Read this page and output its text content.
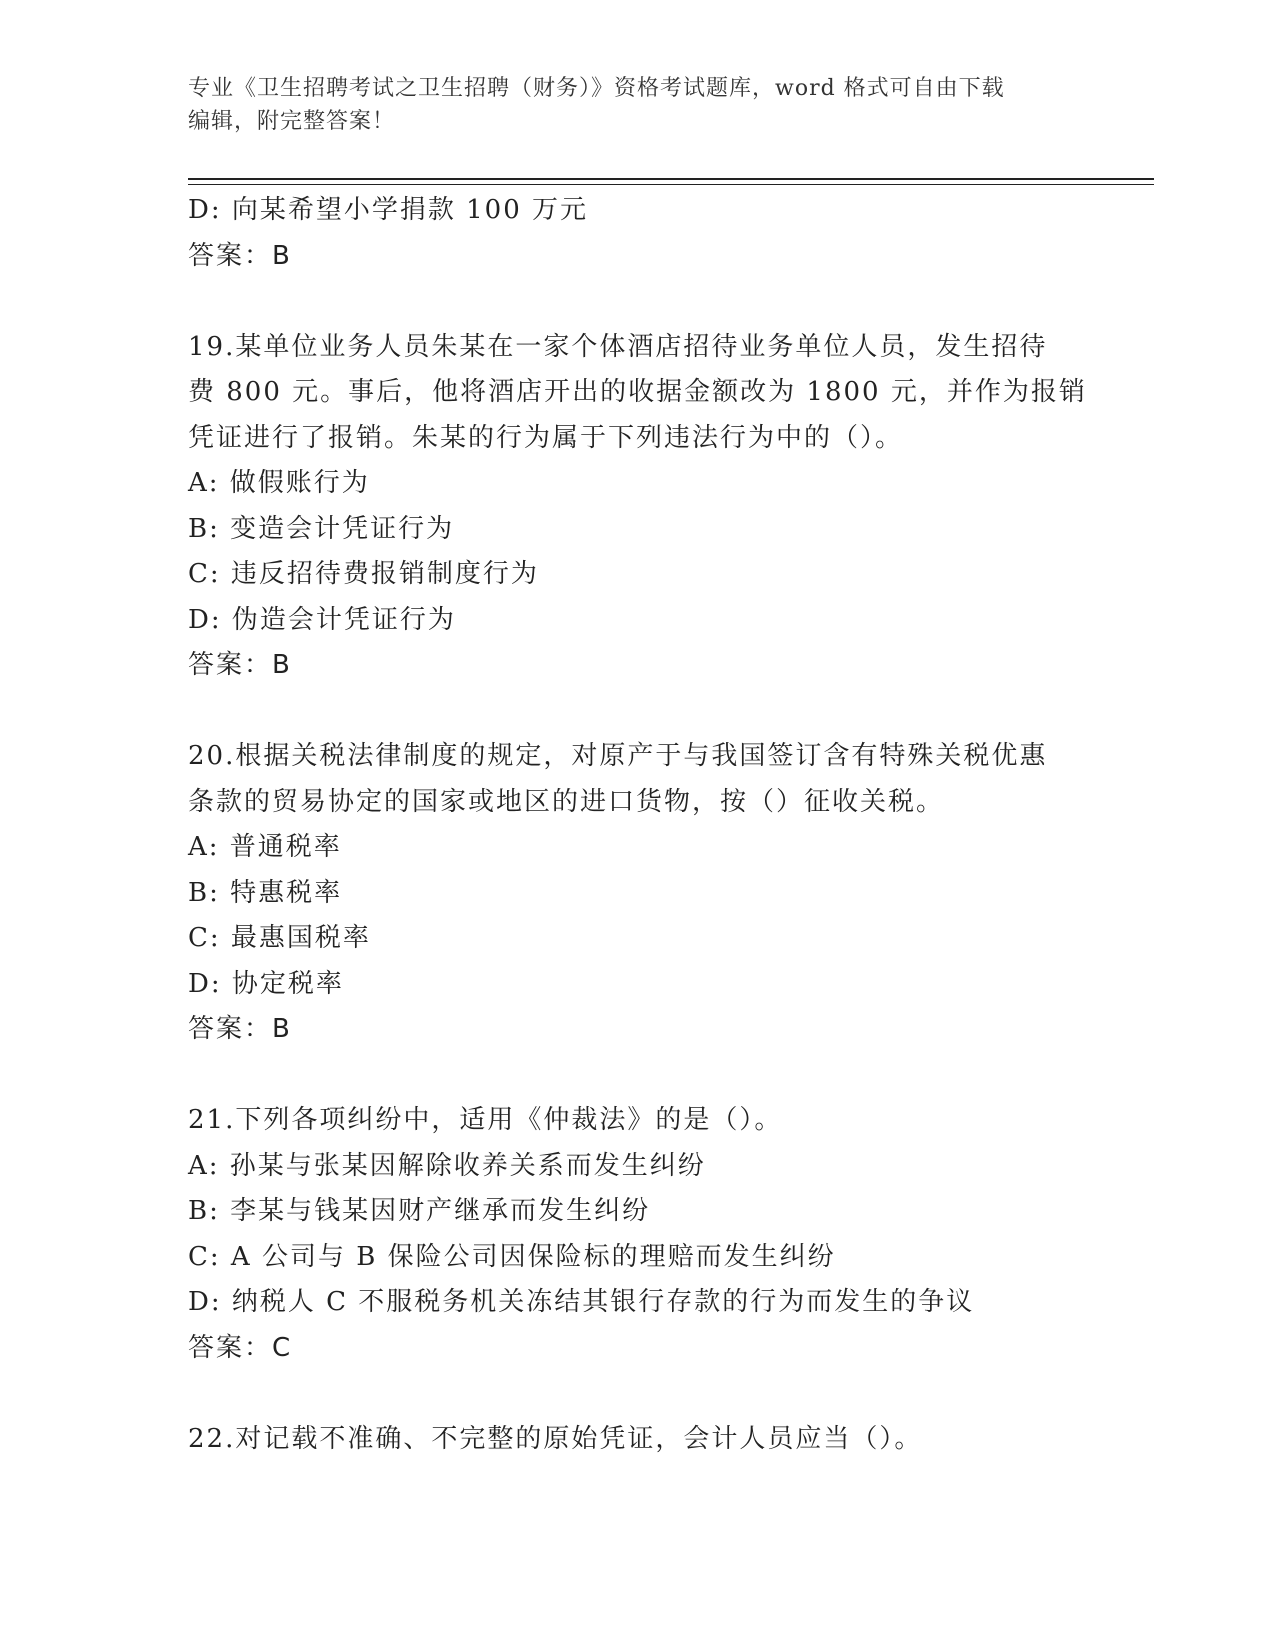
专业《卫生招聘考试之卫生招聘（财务）》资格考试题库，word 格式可自由下载
编辑，附完整答案！
D: 向某希望小学捐款 100 万元
答案：B
19.某单位业务人员朱某在一家个体酒店招待业务单位人员，发生招待
费 800 元。事后，他将酒店开出的收据金额改为 1800 元，并作为报销
凭证进行了报销。朱某的行为属于下列违法行为中的（）。
A: 做假账行为
B: 变造会计凭证行为
C: 违反招待费报销制度行为
D: 伪造会计凭证行为
答案：B
20.根据关税法律制度的规定，对原产于与我国签订含有特殊关税优惠
条款的贸易协定的国家或地区的进口货物，按（）征收关税。
A: 普通税率
B: 特惠税率
C: 最惠国税率
D: 协定税率
答案：B
21.下列各项纠纷中，适用《仲裁法》的是（）。
A: 孙某与张某因解除收养关系而发生纠纷
B: 李某与钱某因财产继承而发生纠纷
C: A 公司与 B 保险公司因保险标的理赔而发生纠纷
D: 纳税人 C 不服税务机关冻结其银行存款的行为而发生的争议
答案：C
22.对记载不准确、不完整的原始凭证，会计人员应当（）。
